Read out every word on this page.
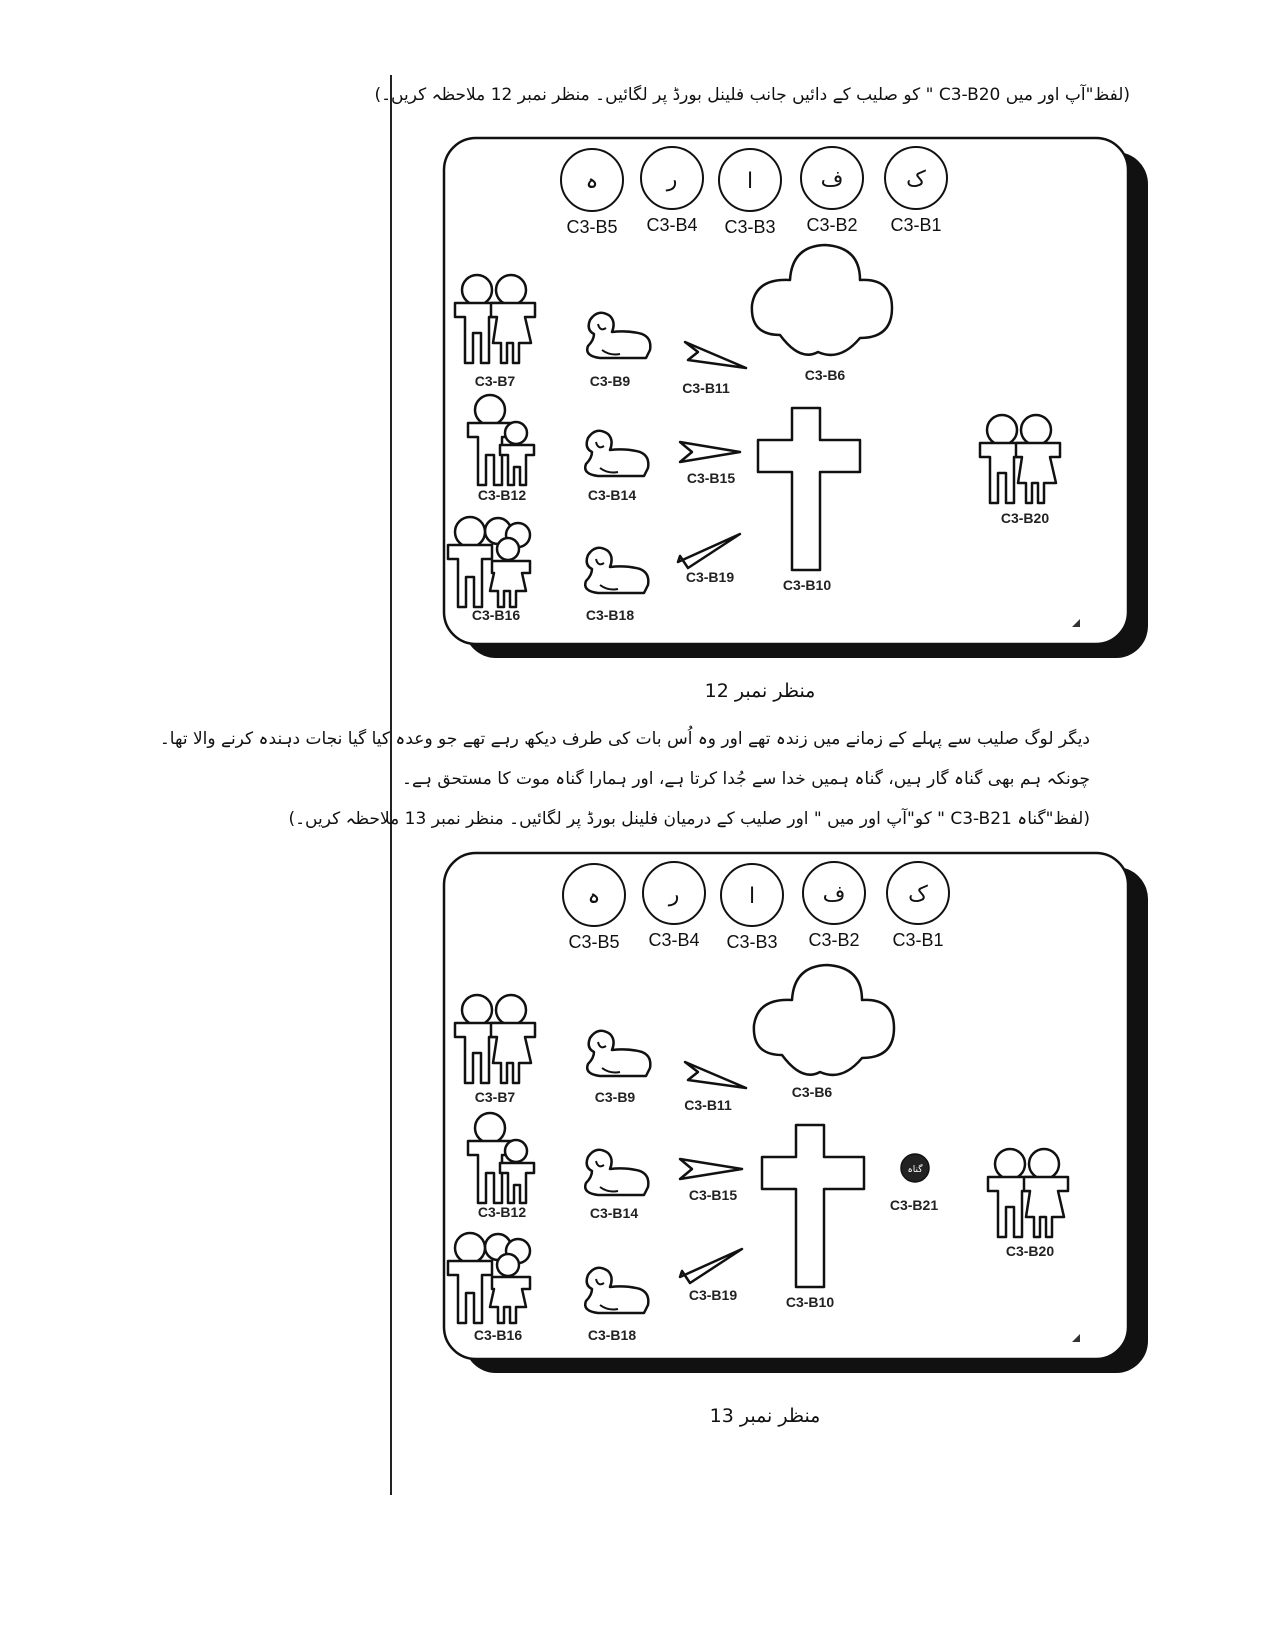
(لفظ"آپ اور میں C3-B20 " کو صلیب کے دائیں جانب فلینل بورڈ پر لگائیں۔ منظر نمبر 12 ملاحظہ کریں۔)
ہ
C3-B5
ر
C3-B4
ا
C3-B3
ف
C3-B2
ک
C3-B1
C3-B7	C3-B9	C3-B11
C3-B6
C3-B12	C3-B14
C3-B15
C3-B10
C3-B16	C3-B18
C3-B19
C3-B20
منظر نمبر 12
دیگر لوگ صلیب سے پہلے کے زمانے میں زندہ تھے اور وہ اُس بات کی طرف دیکھ رہے تھے جو وعدہ کیا گیا نجات دہندہ کرنے والا تھا۔
چونکہ ہم بھی گناہ گار ہیں، گناہ ہمیں خدا سے جُدا کرتا ہے، اور ہمارا گناہ موت کا مستحق ہے۔
(لفظ"گناہ C3-B21 " کو"آپ اور میں " اور صلیب کے درمیان فلینل بورڈ پر لگائیں۔ منظر نمبر 13 ملاحظہ کریں۔)
ہ
C3-B5
ر
C3-B4
ا
C3-B3
ف
C3-B2
ک
C3-B1
C3-B7	C3-B9	C3-B11
C3-B6
C3-B12	C3-B14
C3-B15
C3-B10
گناہ
C3-B21
C3-B20
C3-B16	C3-B18
C3-B19
منظر نمبر 13
